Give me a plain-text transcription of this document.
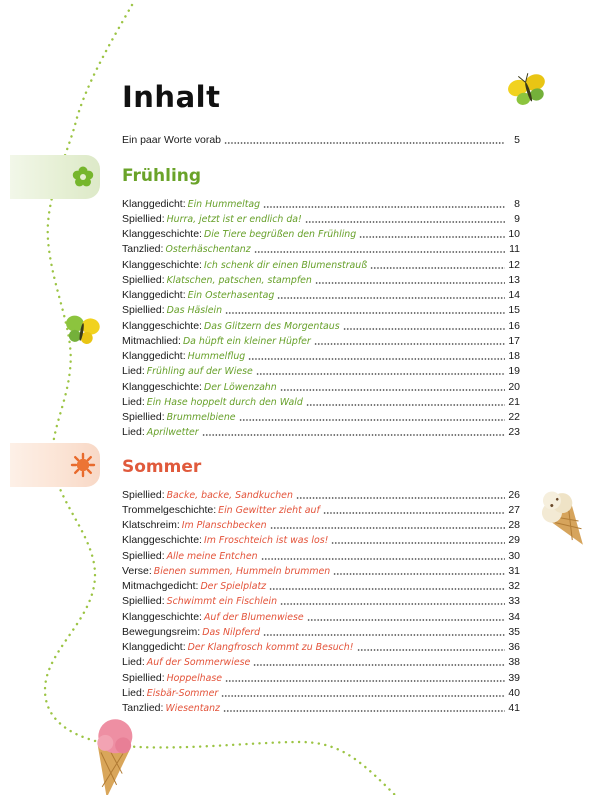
Inhalt
Ein paar Worte vorab	5
Frühling
Klanggedicht: Ein Hummeltag	8
Spiellied: Hurra, jetzt ist er endlich da!	9
Klanggeschichte: Die Tiere begrüßen den Frühling	10
Tanzlied: Osterhäschentanz	11
Klanggeschichte: Ich schenk dir einen Blumenstrauß	12
Spiellied: Klatschen, patschen, stampfen	13
Klanggedicht: Ein Osterhasentag	14
Spiellied: Das Häslein	15
Klanggeschichte: Das Glitzern des Morgentaus	16
Mitmachlied: Da hüpft ein kleiner Hüpfer	17
Klanggedicht: Hummelflug	18
Lied: Frühling auf der Wiese	19
Klanggeschichte: Der Löwenzahn	20
Lied: Ein Hase hoppelt durch den Wald	21
Spiellied: Brummelbiene	22
Lied: Aprilwetter	23
Sommer
Spiellied: Backe, backe, Sandkuchen	26
Trommelgeschichte: Ein Gewitter zieht auf	27
Klatschreim: Im Planschbecken	28
Klanggeschichte: Im Froschteich ist was los!	29
Spiellied: Alle meine Entchen	30
Verse: Bienen summen, Hummeln brummen	31
Mitmachgedicht: Der Spielplatz	32
Spiellied: Schwimmt ein Fischlein	33
Klanggeschichte: Auf der Blumenwiese	34
Bewegungsreim: Das Nilpferd	35
Klanggedicht: Der Klangfrosch kommt zu Besuch!	36
Lied: Auf der Sommerwiese	38
Spiellied: Hoppelhase	39
Lied: Eisbär-Sommer	40
Tanzlied: Wiesentanz	41
